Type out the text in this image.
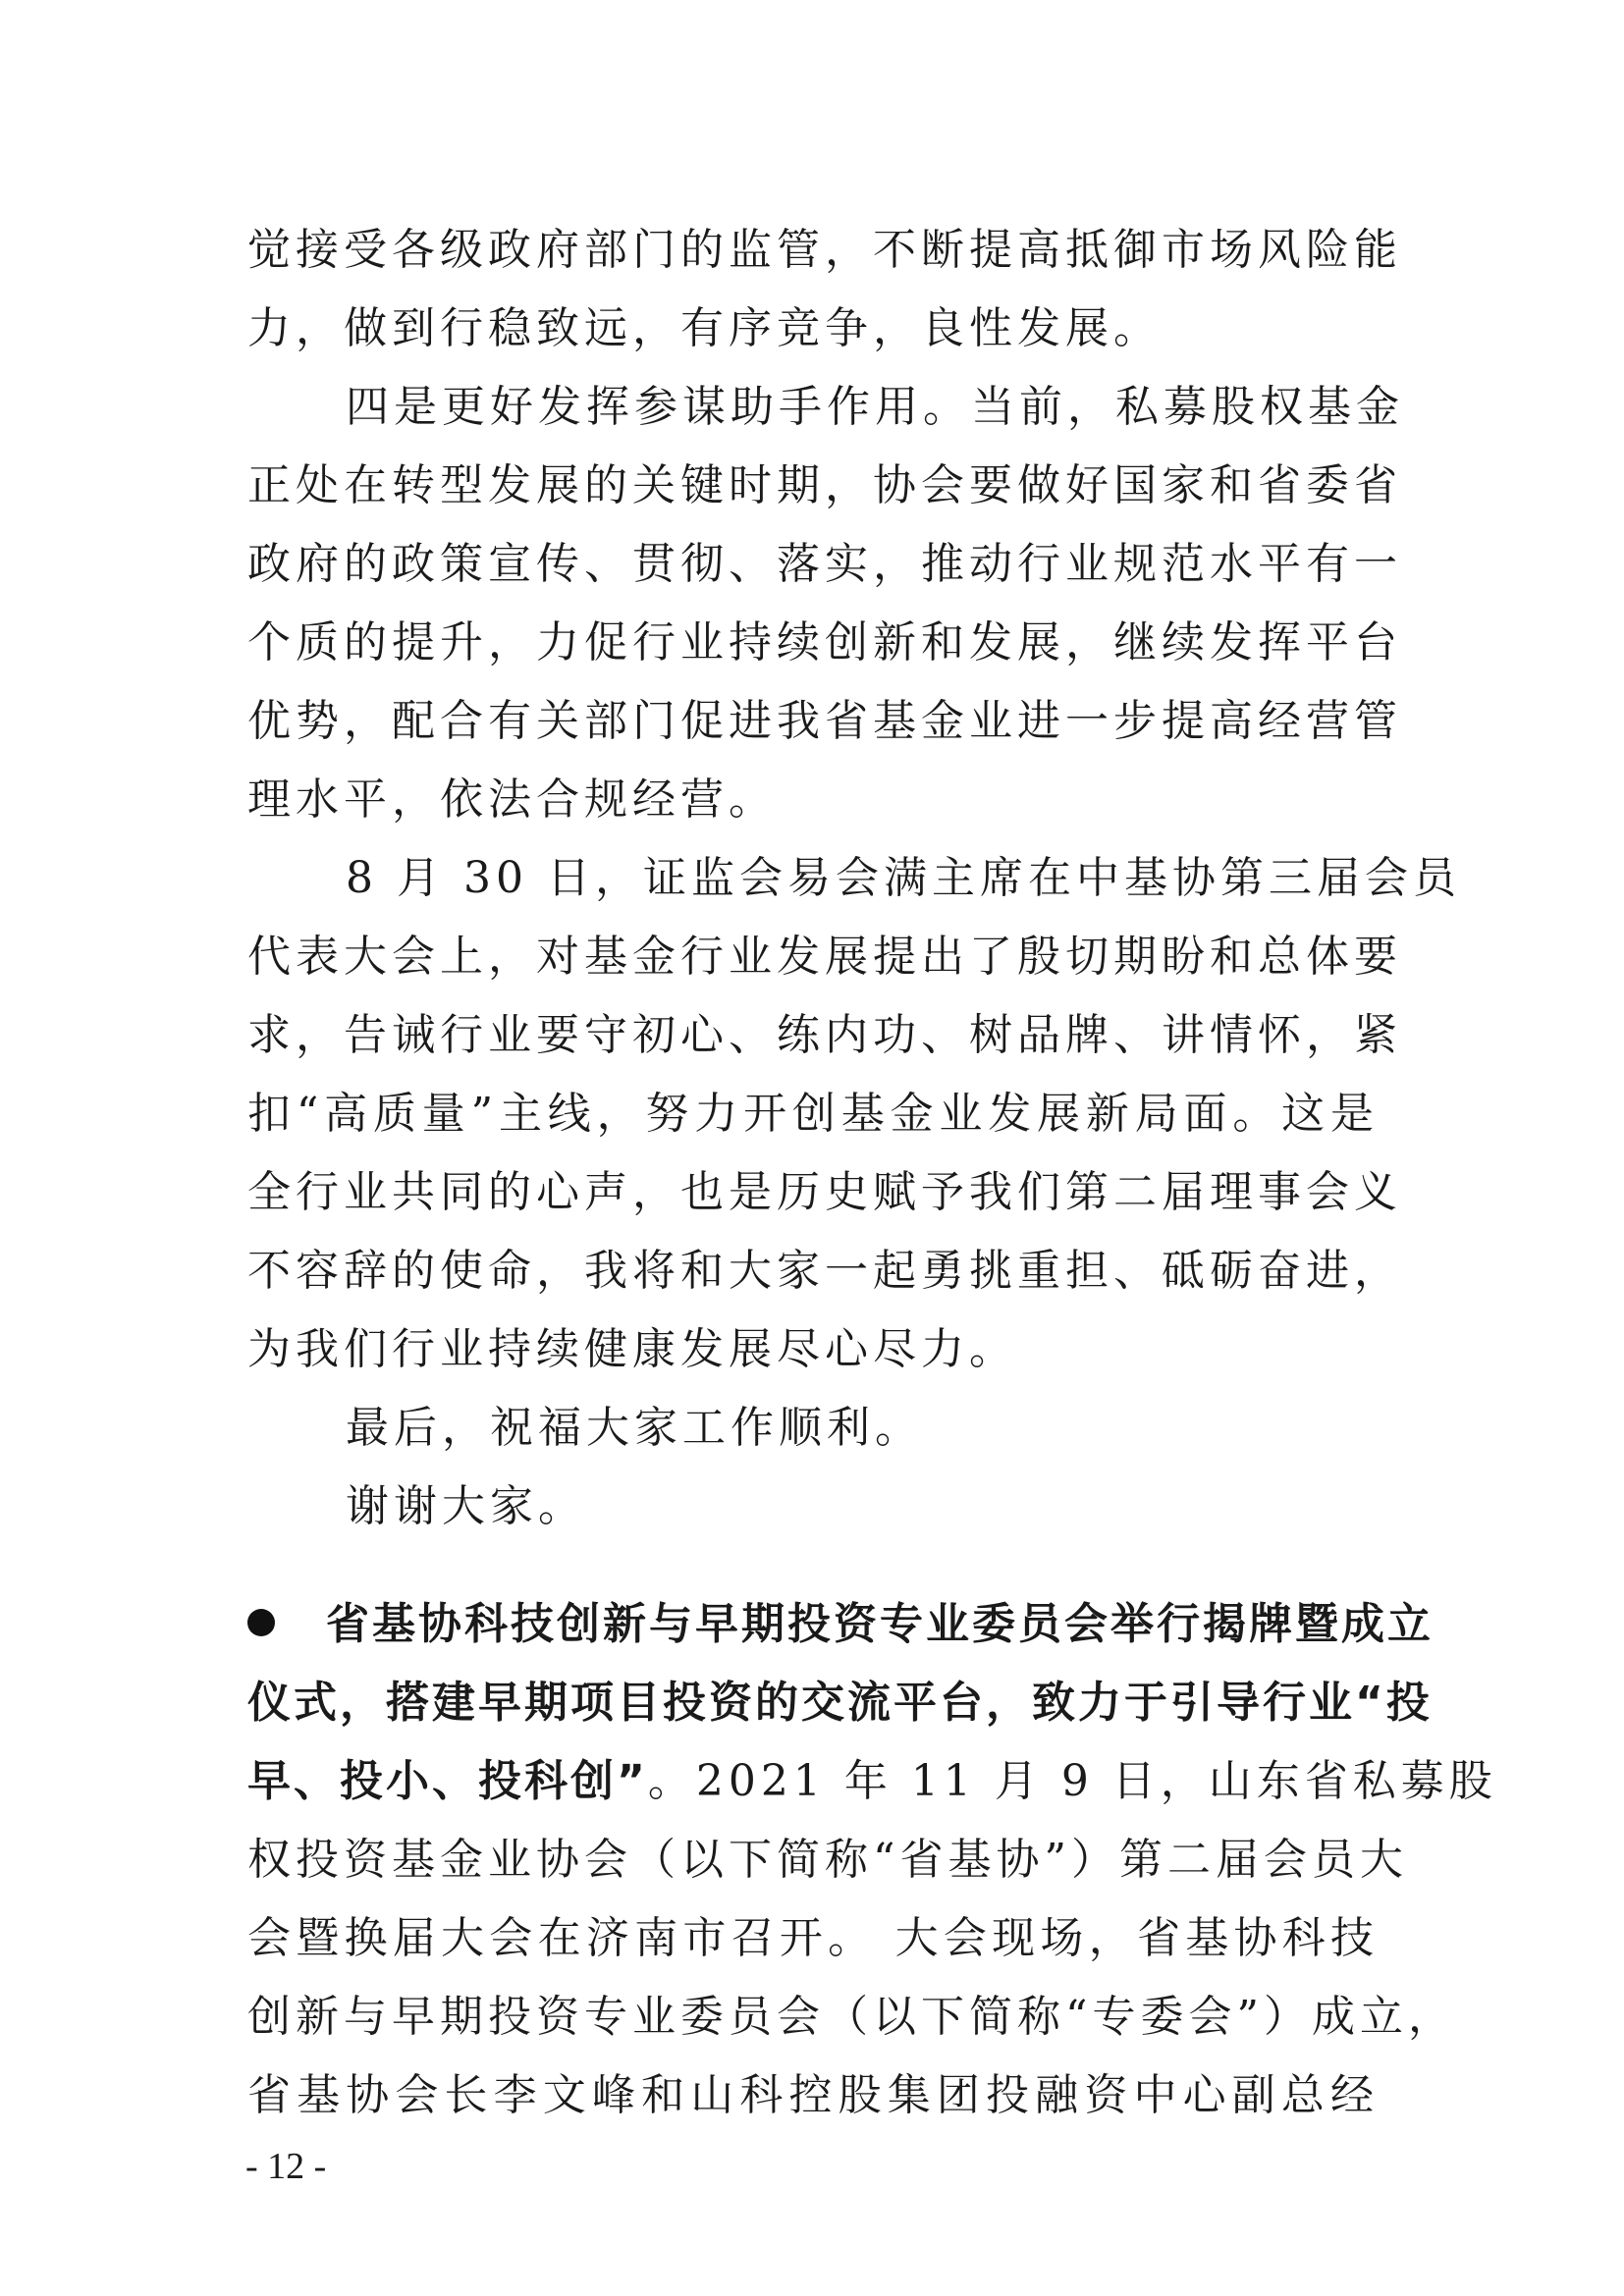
觉接受各级政府部门的监管，不断提高抵御市场风险能
力，做到行稳致远，有序竞争，良性发展。
四是更好发挥参谋助手作用。当前，私募股权基金
正处在转型发展的关键时期，协会要做好国家和省委省
政府的政策宣传、贯彻、落实，推动行业规范水平有一
个质的提升，力促行业持续创新和发展，继续发挥平台
优势，配合有关部门促进我省基金业进一步提高经营管
理水平，依法合规经营。
8 月 30 日，证监会易会满主席在中基协第三届会员
代表大会上，对基金行业发展提出了殷切期盼和总体要
求，告诫行业要守初心、练内功、树品牌、讲情怀，紧
扣“高质量”主线，努力开创基金业发展新局面。这是
全行业共同的心声，也是历史赋予我们第二届理事会义
不容辞的使命，我将和大家一起勇挑重担、砥砺奋进，
为我们行业持续健康发展尽心尽力。
最后，祝福大家工作顺利。
谢谢大家。
省基协科技创新与早期投资专业委员会举行揭牌暨成立
仪式，搭建早期项目投资的交流平台，致力于引导行业“投
早、投小、投科创”。2021 年 11 月 9 日，山东省私募股
权投资基金业协会（以下简称“省基协”）第二届会员大
会暨换届大会在济南市召开。 大会现场，省基协科技
创新与早期投资专业委员会（以下简称“专委会”）成立，
省基协会长李文峰和山科控股集团投融资中心副总经
- 12 -
